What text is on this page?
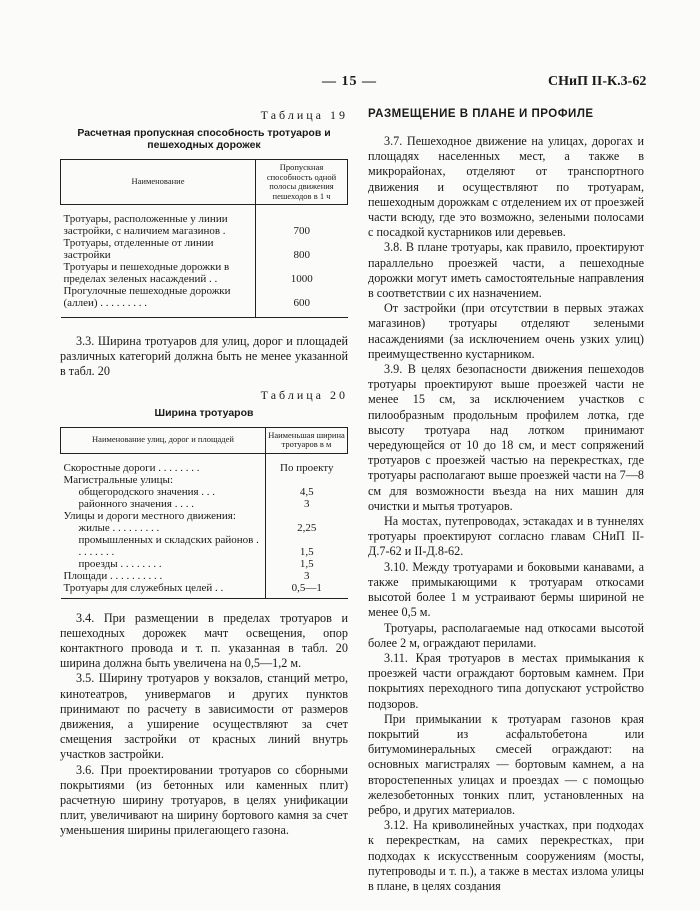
— 15 —	СНиП II-К.3-62
Таблица 19
Расчетная пропускная способность тротуаров и пешеходных дорожек
Наименование	Пропускная способность одной полосы движения пешеходов в 1 ч

Тротуары, расположенные у линии застройки, с наличием магазинов .	700
Тротуары, отделенные от линии застройки	800
Тротуары и пешеходные дорожки в пределах зеленых насаждений . .	1000
Прогулочные пешеходные дорожки (аллеи) . . . . . . . . .	600

3.3. Ширина тротуаров для улиц, дорог и площадей различных категорий должна быть не менее указанной в табл. 20

Таблица 20
Ширина тротуаров
Наименование улиц, дорог и площадей	Наименьшая ширина тротуаров в м

Скоростные дороги . . . . . . . .	По проекту
Магистральные улицы:	
общегородского значения . . .	4,5
районного значения . . . .	3
Улицы и дороги местного движения:	
жилые . . . . . . . . .	2,25
промышленных и складских районов . . . . . . . .	1,5
проезды . . . . . . . .	1,5
Площади . . . . . . . . . .	3
Тротуары для служебных целей . .	0,5—1

3.4. При размещении в пределах тротуаров и пешеходных дорожек мачт освещения, опор контактного провода и т. п. указанная в табл. 20 ширина должна быть увеличена на 0,5—1,2 м.

3.5. Ширину тротуаров у вокзалов, станций метро, кинотеатров, универмагов и других пунктов принимают по расчету в зависимости от размеров движения, а уширение осуществляют за счет смещения застройки от красных линий внутрь участков застройки.

3.6. При проектировании тротуаров со сборными покрытиями (из бетонных или каменных плит) расчетную ширину тротуаров, в целях унификации плит, увеличивают на ширину бортового камня за счет уменьшения ширины прилегающего газона.

РАЗМЕЩЕНИЕ В ПЛАНЕ И ПРОФИЛЕ

3.7. Пешеходное движение на улицах, дорогах и площадях населенных мест, а также в микрорайонах, отделяют от транспортного движения и осуществляют по тротуарам, пешеходным дорожкам с отделением их от проезжей части всюду, где это возможно, зелеными полосами с посадкой кустарников или деревьев.

3.8. В плане тротуары, как правило, проектируют параллельно проезжей части, а пешеходные дорожки могут иметь самостоятельные направления в соответствии с их назначением.

От застройки (при отсутствии в первых этажах магазинов) тротуары отделяют зелеными насаждениями (за исключением очень узких улиц) преимущественно кустарником.

3.9. В целях безопасности движения пешеходов тротуары проектируют выше проезжей части не менее 15 см, за исключением участков с пилообразным продольным профилем лотка, где высоту тротуара над лотком принимают чередующейся от 10 до 18 см, и мест сопряжений тротуаров с проезжей частью на перекрестках, где тротуары располагают выше проезжей части на 7—8 см для возможности въезда на них машин для очистки и мытья тротуаров.

На мостах, путепроводах, эстакадах и в туннелях тротуары проектируют согласно главам СНиП II-Д.7-62 и II-Д.8-62.

3.10. Между тротуарами и боковыми канавами, а также примыкающими к тротуарам откосами высотой более 1 м устраивают бермы шириной не менее 0,5 м.

Тротуары, располагаемые над откосами высотой более 2 м, ограждают перилами.

3.11. Края тротуаров в местах примыкания к проезжей части ограждают бортовым камнем. При покрытиях переходного типа допускают устройство подзоров.

При примыкании к тротуарам газонов края покрытий из асфальтобетона или битумоминеральных смесей ограждают: на основных магистралях — бортовым камнем, а на второстепенных улицах и проездах — с помощью железобетонных тонких плит, установленных на ребро, и других материалов.

3.12. На криволинейных участках, при подходах к перекресткам, на самих перекрестках, при подходах к искусственным сооружениям (мосты, путепроводы и т. п.), а также в местах излома улицы в плане, в целях создания
